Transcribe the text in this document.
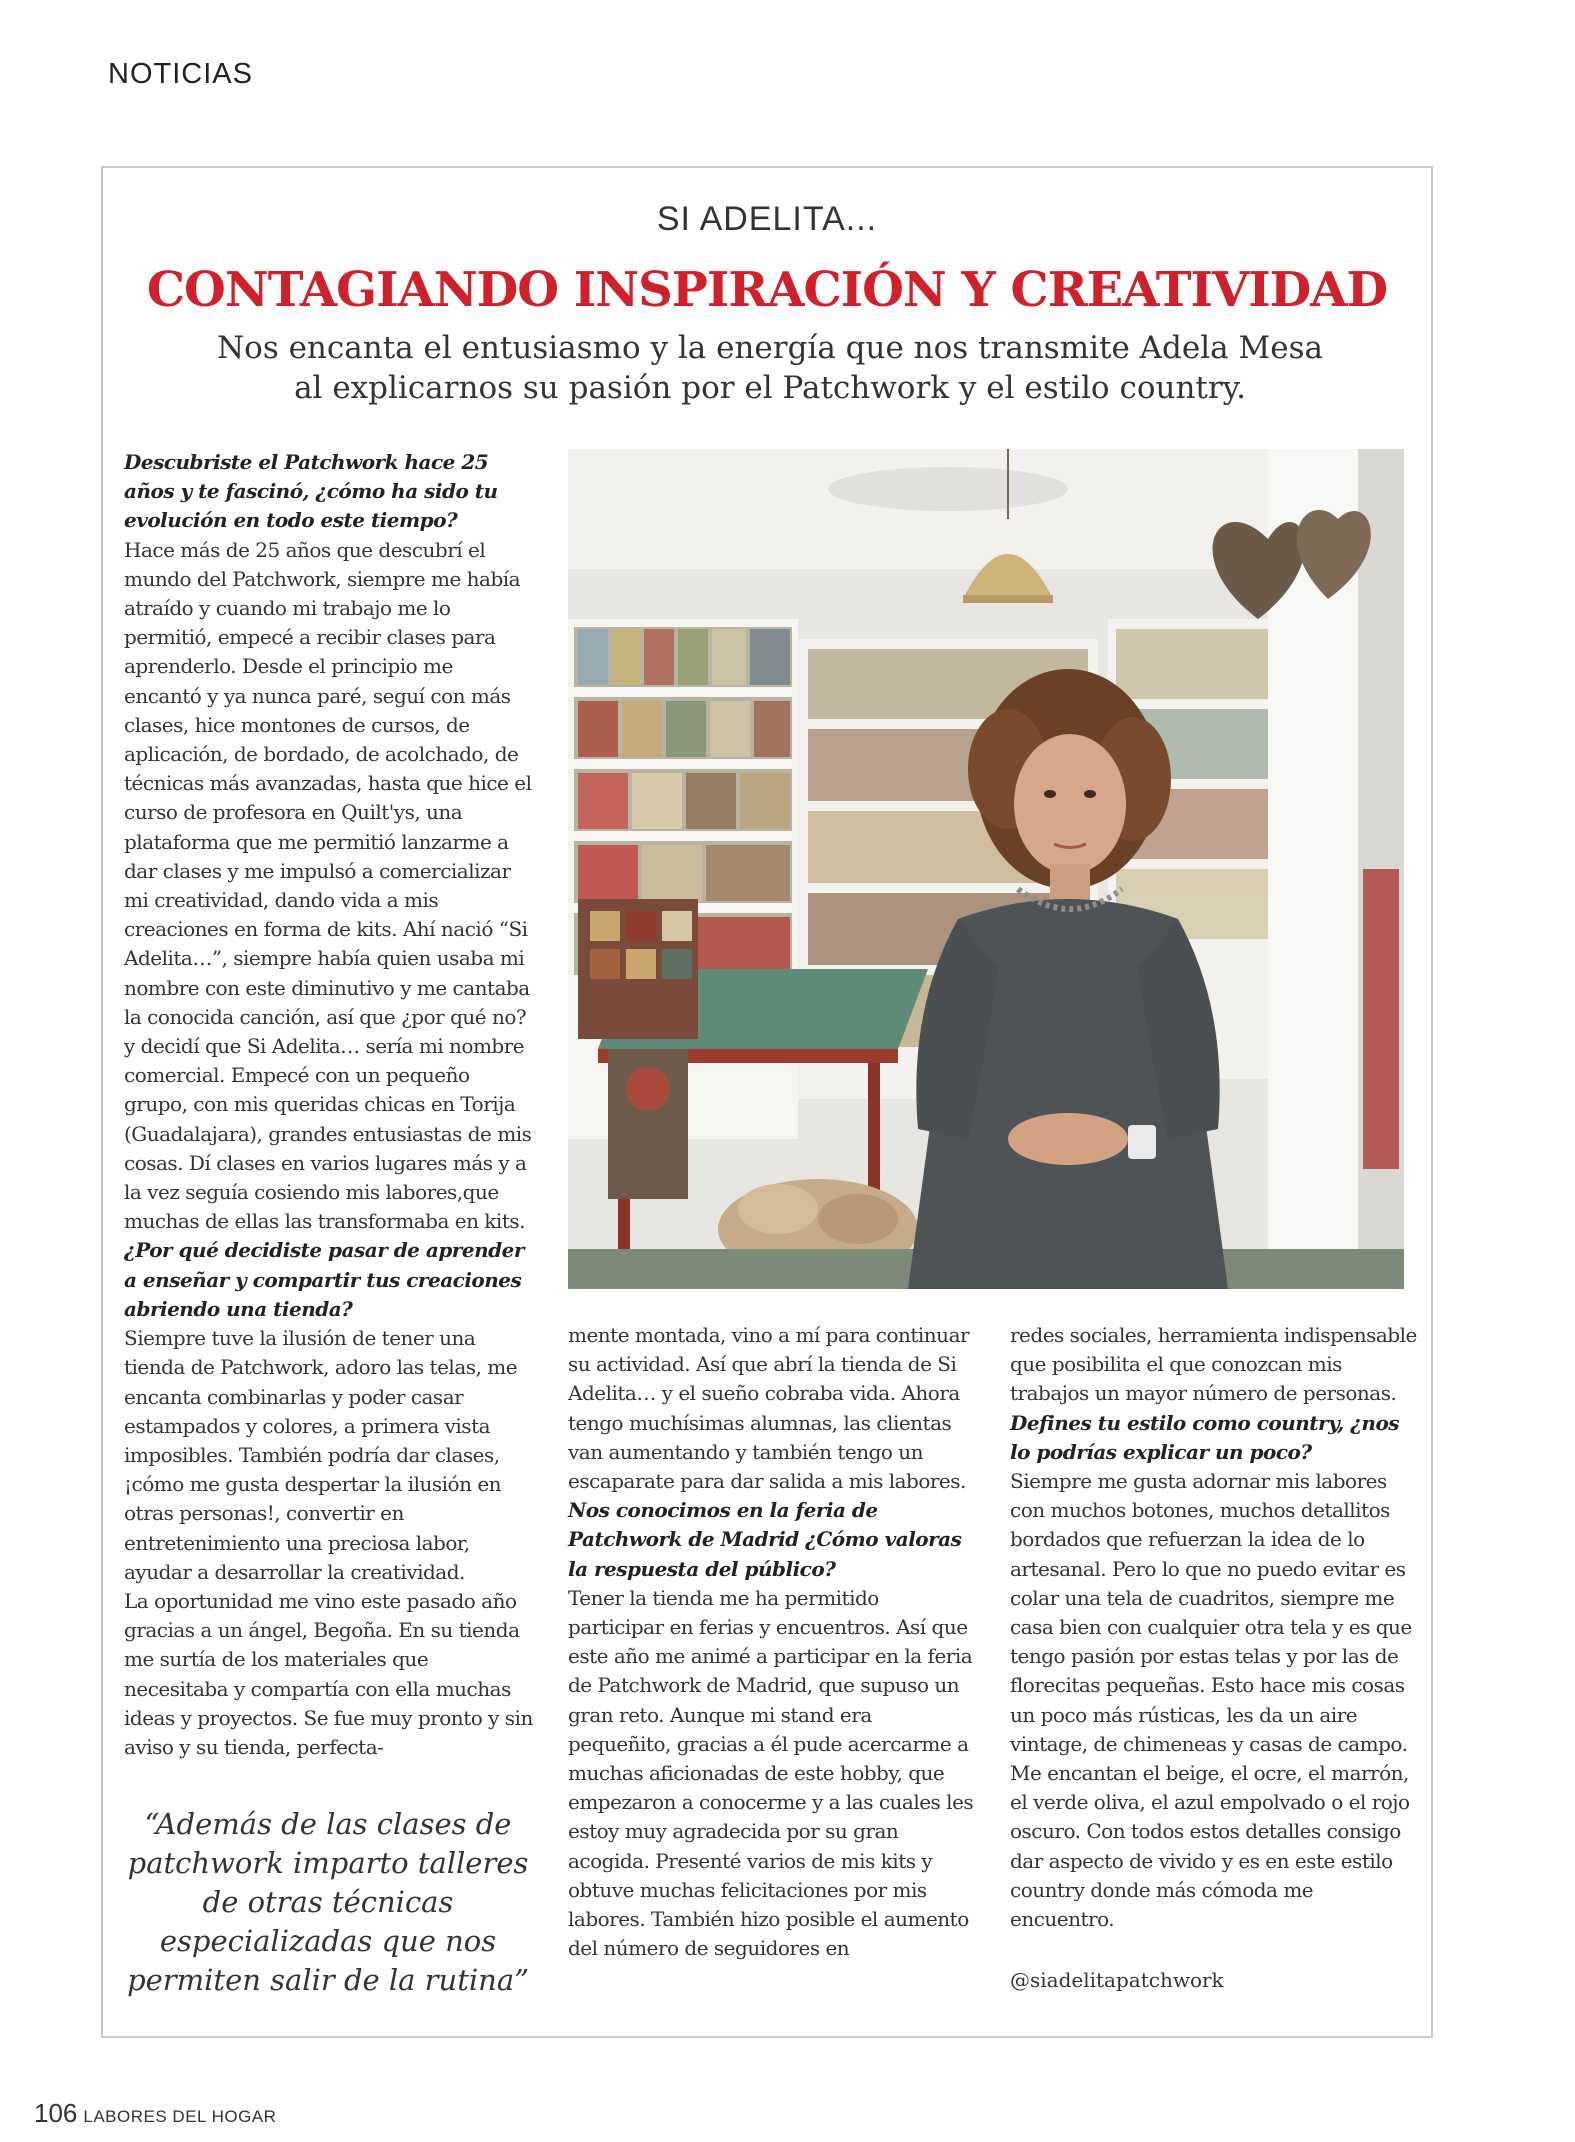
NOTICIAS
SI ADELITA...
CONTAGIANDO INSPIRACIÓN Y CREATIVIDAD
Nos encanta el entusiasmo y la energía que nos transmite Adela Mesa
al explicarnos su pasión por el Patchwork y el estilo country.

Descubriste el Patchwork hace 25 años y te fascinó, ¿cómo ha sido tu evolución en todo este tiempo?

Hace más de 25 años que descubrí el mundo del Patchwork, siempre me había atraído y cuando mi trabajo me lo permitió, empecé a recibir clases para aprenderlo. Desde el principio me encantó y ya nunca paré, seguí con más clases, hice montones de cursos, de aplicación, de bordado, de acolchado, de técnicas más avanzadas, hasta que hice el curso de profesora en Quilt'ys, una plataforma que me permitió lanzarme a dar clases y me impulsó a comercializar mi creatividad, dando vida a mis creaciones en forma de kits. Ahí nació “Si Adelita…”, siempre había quien usaba mi nombre con este diminutivo y me cantaba la conocida canción, así que ¿por qué no? y decidí que Si Adelita… sería mi nombre comercial. Empecé con un pequeño grupo, con mis queridas chicas en Torija (Guadalajara), grandes entusiastas de mis cosas. Dí clases en varios lugares más y a la vez seguía cosiendo mis labores,que muchas de ellas las transformaba en kits.

¿Por qué decidiste pasar de aprender a enseñar y compartir tus creaciones abriendo una tienda?

Siempre tuve la ilusión de tener una tienda de Patchwork, adoro las telas, me encanta combinarlas y poder casar estampados y colores, a primera vista imposibles. También podría dar clases, ¡cómo me gusta despertar la ilusión en otras personas!, convertir en entretenimiento una preciosa labor, ayudar a desarrollar la creatividad.

La oportunidad me vino este pasado año gracias a un ángel, Begoña. En su tienda me surtía de los materiales que necesitaba y compartía con ella muchas ideas y proyectos. Se fue muy pronto y sin aviso y su tienda, perfecta-

mente montada, vino a mí para continuar su actividad. Así que abrí la tienda de Si Adelita… y el sueño cobraba vida. Ahora tengo muchísimas alumnas, las clientas van aumentando y también tengo un escaparate para dar salida a mis labores.

Nos conocimos en la feria de Patchwork de Madrid ¿Cómo valoras la respuesta del público?

Tener la tienda me ha permitido participar en ferias y encuentros. Así que este año me animé a participar en la feria de Patchwork de Madrid, que supuso un gran reto. Aunque mi stand era pequeñito, gracias a él pude acercarme a muchas aficionadas de este hobby, que empezaron a conocerme y a las cuales les estoy muy agradecida por su gran acogida. Presenté varios de mis kits y obtuve muchas felicitaciones por mis labores. También hizo posible el aumento del número de seguidores en

redes sociales, herramienta indispensable que posibilita el que conozcan mis trabajos un mayor número de personas.

Defines tu estilo como country, ¿nos lo podrías explicar un poco?

Siempre me gusta adornar mis labores con muchos botones, muchos detallitos bordados que refuerzan la idea de lo artesanal. Pero lo que no puedo evitar es colar una tela de cuadritos, siempre me casa bien con cualquier otra tela y es que tengo pasión por estas telas y por las de florecitas pequeñas. Esto hace mis cosas un poco más rústicas, les da un aire vintage, de chimeneas y casas de campo. Me encantan el beige, el ocre, el marrón, el verde oliva, el azul empolvado o el rojo oscuro. Con todos estos detalles consigo dar aspecto de vivido y es en este estilo country donde más cómoda me encuentro.

“Además de las clases de patchwork imparto talleres de otras técnicas especializadas que nos permiten salir de la rutina”	@siadelitapatchwork
106 LABORES DEL HOGAR
